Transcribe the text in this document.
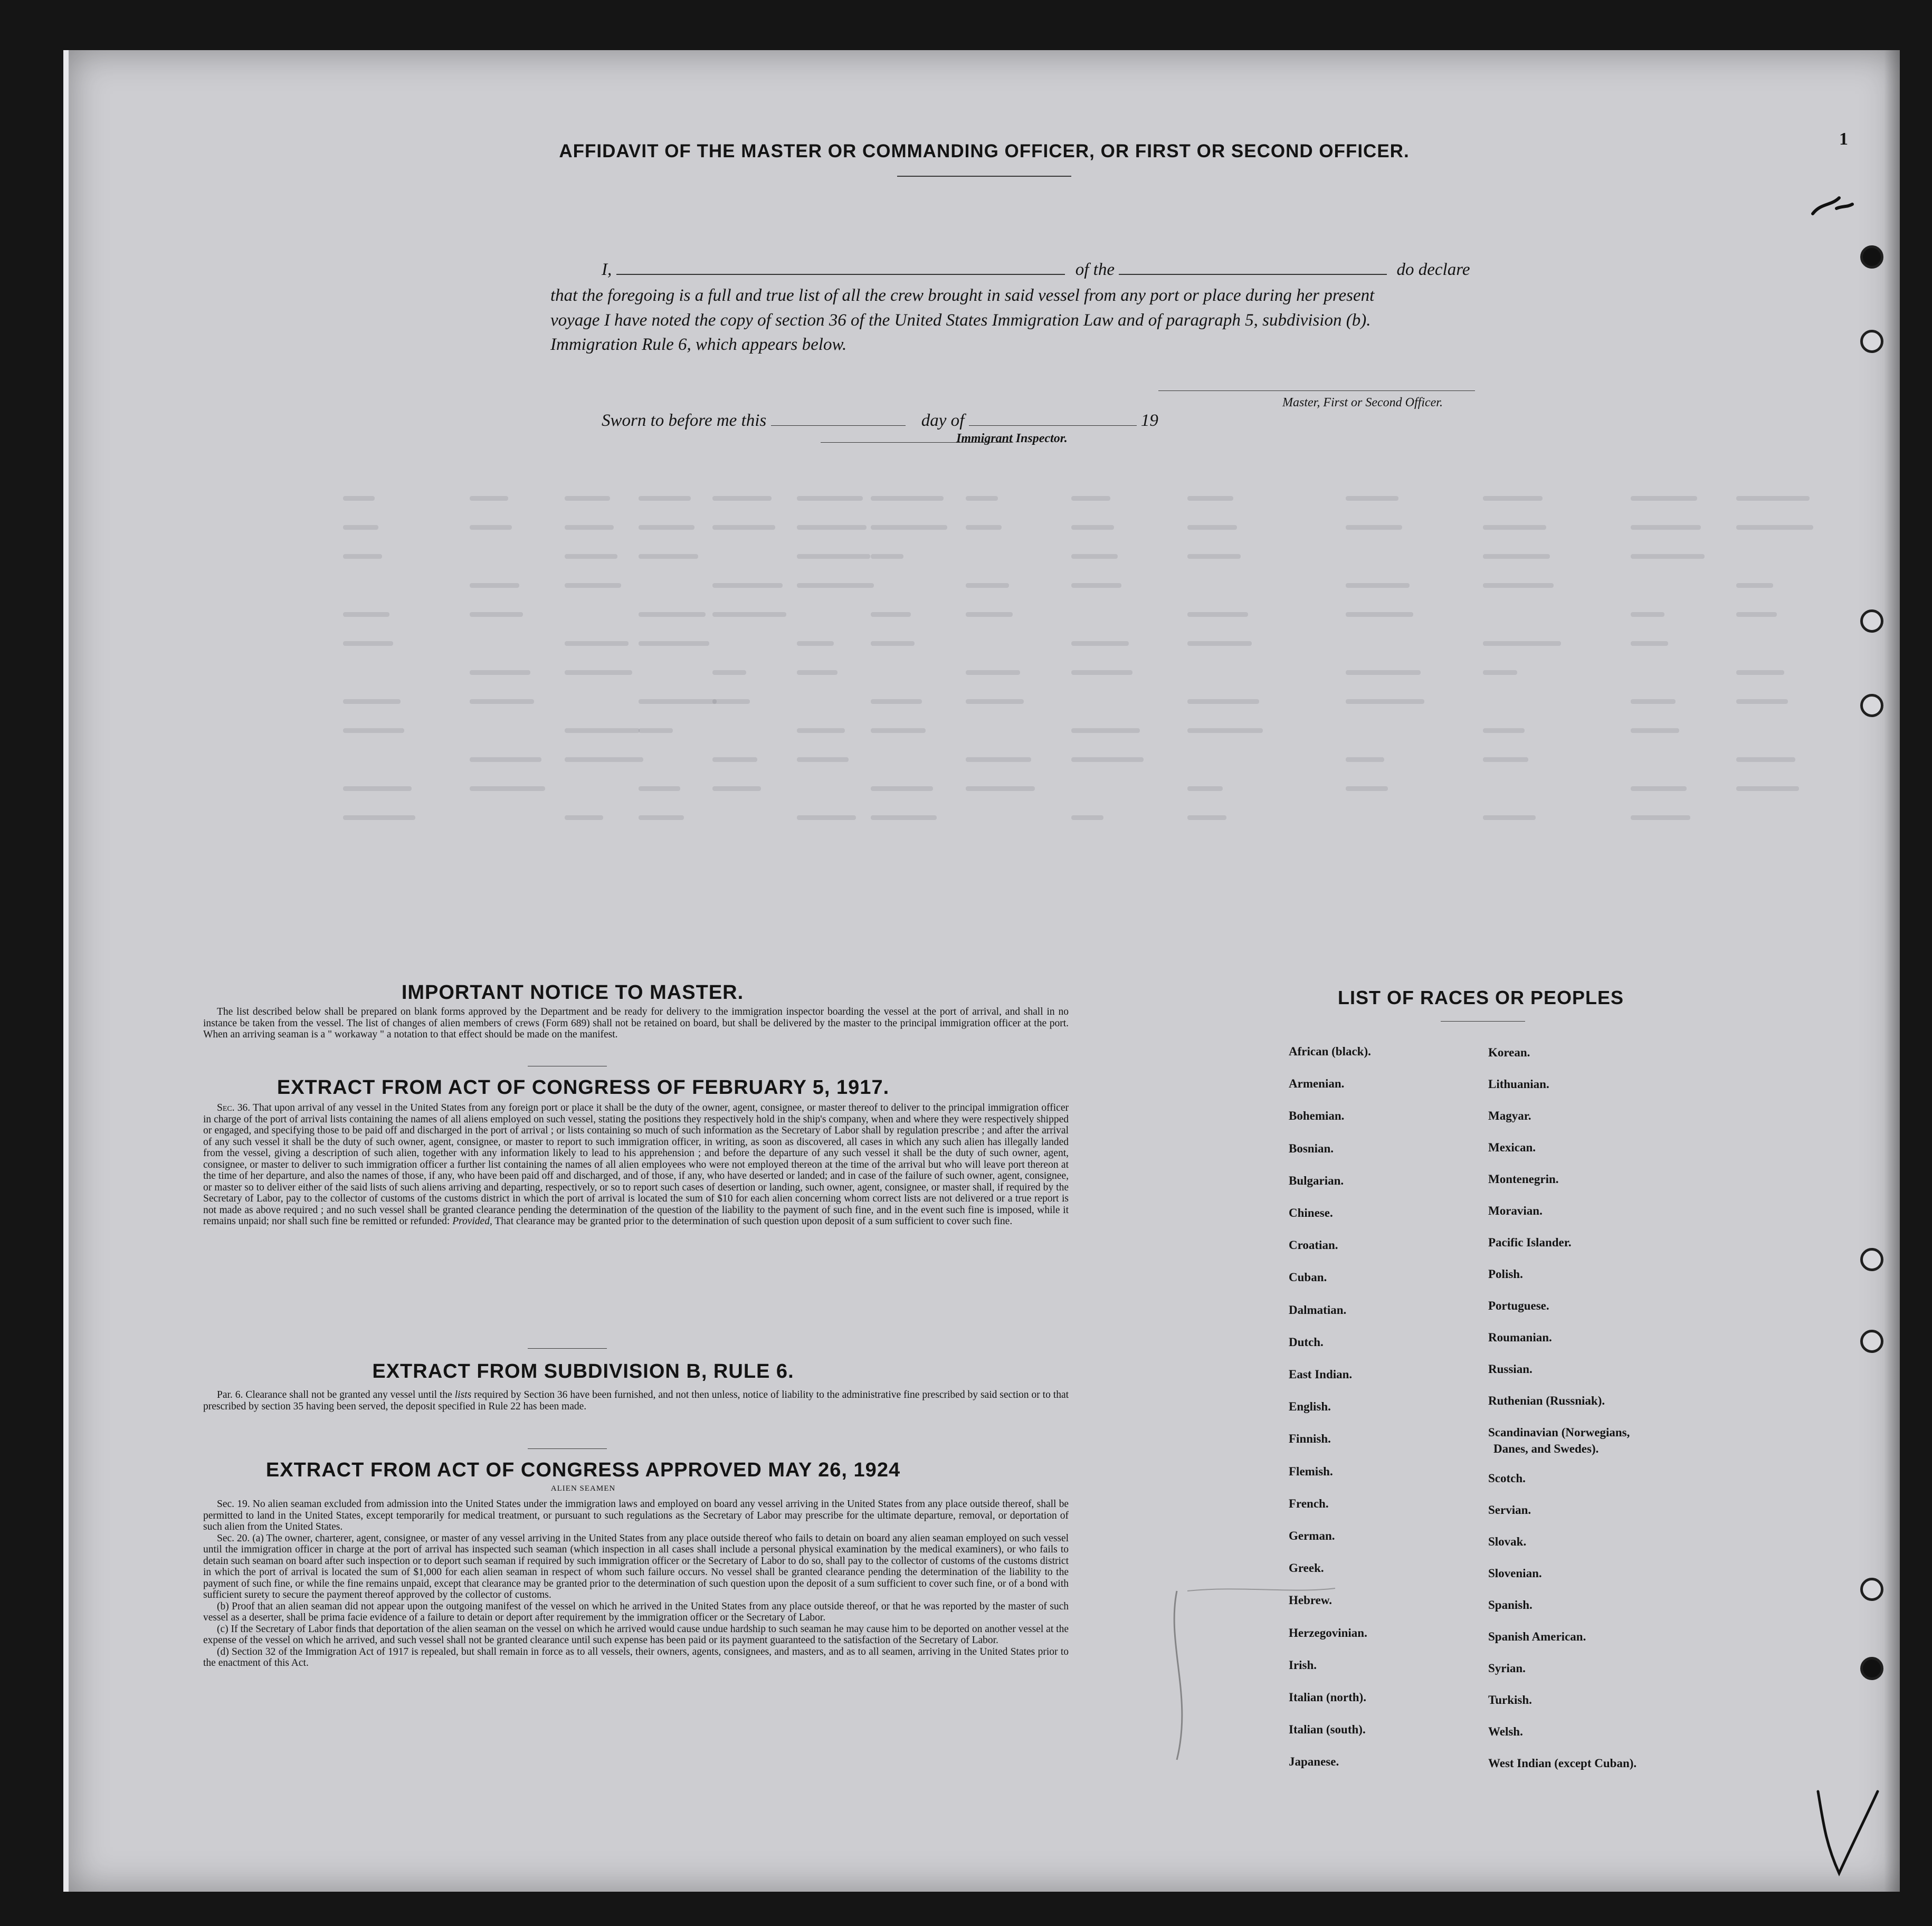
1
AFFIDAVIT OF THE MASTER OR COMMANDING OFFICER, OR FIRST OR SECOND OFFICER.
I,	of the	do declare
that the foregoing is a full and true list of all the crew brought in said vessel from any port or place during her present
voyage I have noted the copy of section 36 of the United States Immigration Law and of paragraph 5, subdivision (b).
Immigration Rule 6, which appears below.
Master, First or Second Officer.
Sworn to before me this	day of	19
Immigrant Inspector.
IMPORTANT NOTICE TO MASTER.

The list described below shall be prepared on blank forms approved by the Department and be ready for delivery to the immigration inspector boarding the vessel at the port of arrival, and shall in no instance be taken from the vessel. The list of changes of alien members of crews (Form 689) shall not be retained on board, but shall be delivered by the master to the principal immigration officer at the port. When an arriving seaman is a " workaway " a notation to that effect should be made on the manifest.

EXTRACT FROM ACT OF CONGRESS OF FEBRUARY 5, 1917.

Sec. 36. That upon arrival of any vessel in the United States from any foreign port or place it shall be the duty of the owner, agent, consignee, or master thereof to deliver to the principal immigration officer in charge of the port of arrival lists containing the names of all aliens employed on such vessel, stating the positions they respectively hold in the ship's company, when and where they were respectively shipped or engaged, and specifying those to be paid off and discharged in the port of arrival ; or lists containing so much of such information as the Secretary of Labor shall by regulation prescribe ; and after the arrival of any such vessel it shall be the duty of such owner, agent, consignee, or master to report to such immigration officer, in writing, as soon as discovered, all cases in which any such alien has illegally landed from the vessel, giving a description of such alien, together with any information likely to lead to his apprehension ; and before the departure of any such vessel it shall be the duty of such owner, agent, consignee, or master to deliver to such immigration officer a further list containing the names of all alien employees who were not employed thereon at the time of the arrival but who will leave port thereon at the time of her departure, and also the names of those, if any, who have been paid off and discharged, and of those, if any, who have deserted or landed; and in case of the failure of such owner, agent, consignee, or master so to deliver either of the said lists of such aliens arriving and departing, respectively, or so to report such cases of desertion or landing, such owner, agent, consignee, or master shall, if required by the Secretary of Labor, pay to the collector of customs of the customs district in which the port of arrival is located the sum of $10 for each alien concerning whom correct lists are not delivered or a true report is not made as above required ; and no such vessel shall be granted clearance pending the determination of the question of the liability to the payment of such fine, and in the event such fine is imposed, while it remains unpaid; nor shall such fine be remitted or refunded: Provided, That clearance may be granted prior to the determination of such question upon deposit of a sum sufficient to cover such fine.

EXTRACT FROM SUBDIVISION B, RULE 6.

Par. 6. Clearance shall not be granted any vessel until the lists required by Section 36 have been furnished, and not then unless, notice of liability to the administrative fine prescribed by said section or to that prescribed by section 35 having been served, the deposit specified in Rule 22 has been made.

EXTRACT FROM ACT OF CONGRESS APPROVED MAY 26, 1924
ALIEN SEAMEN

Sec. 19. No alien seaman excluded from admission into the United States under the immigration laws and employed on board any vessel arriving in the United States from any place outside thereof, shall be permitted to land in the United States, except temporarily for medical treatment, or pursuant to such regulations as the Secretary of Labor may prescribe for the ultimate departure, removal, or deportation of such alien from the United States.

Sec. 20. (a) The owner, charterer, agent, consignee, or master of any vessel arriving in the United States from any place outside thereof who fails to detain on board any alien seaman employed on such vessel until the immigration officer in charge at the port of arrival has inspected such seaman (which inspection in all cases shall include a personal physical examination by the medical examiners), or who fails to detain such seaman on board after such inspection or to deport such seaman if required by such immigration officer or the Secretary of Labor to do so, shall pay to the collector of customs of the customs district in which the port of arrival is located the sum of $1,000 for each alien seaman in respect of whom such failure occurs. No vessel shall be granted clearance pending the determination of the liability to the payment of such fine, or while the fine remains unpaid, except that clearance may be granted prior to the determination of such question upon the deposit of a sum sufficient to cover such fine, or of a bond with sufficient surety to secure the payment thereof approved by the collector of customs.

(b) Proof that an alien seaman did not appear upon the outgoing manifest of the vessel on which he arrived in the United States from any place outside thereof, or that he was reported by the master of such vessel as a deserter, shall be prima facie evidence of a failure to detain or deport after requirement by the immigration officer or the Secretary of Labor.

(c) If the Secretary of Labor finds that deportation of the alien seaman on the vessel on which he arrived would cause undue hardship to such seaman he may cause him to be deported on another vessel at the expense of the vessel on which he arrived, and such vessel shall not be granted clearance until such expense has been paid or its payment guaranteed to the satisfaction of the Secretary of Labor.

(d) Section 32 of the Immigration Act of 1917 is repealed, but shall remain in force as to all vessels, their owners, agents, consignees, and masters, and as to all seamen, arriving in the United States prior to the enactment of this Act.

LIST OF RACES OR PEOPLES
African (black).
Armenian.
Bohemian.
Bosnian.
Bulgarian.
Chinese.
Croatian.
Cuban.
Dalmatian.
Dutch.
East Indian.
English.
Finnish.
Flemish.
French.
German.
Greek.
Hebrew.
Herzegovinian.
Irish.
Italian (north).
Italian (south).
Japanese.
Korean.
Lithuanian.
Magyar.
Mexican.
Montenegrin.
Moravian.
Pacific Islander.
Polish.
Portuguese.
Roumanian.
Russian.
Ruthenian (Russniak).
Scandinavian (Norwegians,
Scotch.
Servian.
Slovak.
Slovenian.
Spanish.
Spanish American.
Syrian.
Turkish.
Welsh.
West Indian (except Cuban).
Danes, and Swedes).
